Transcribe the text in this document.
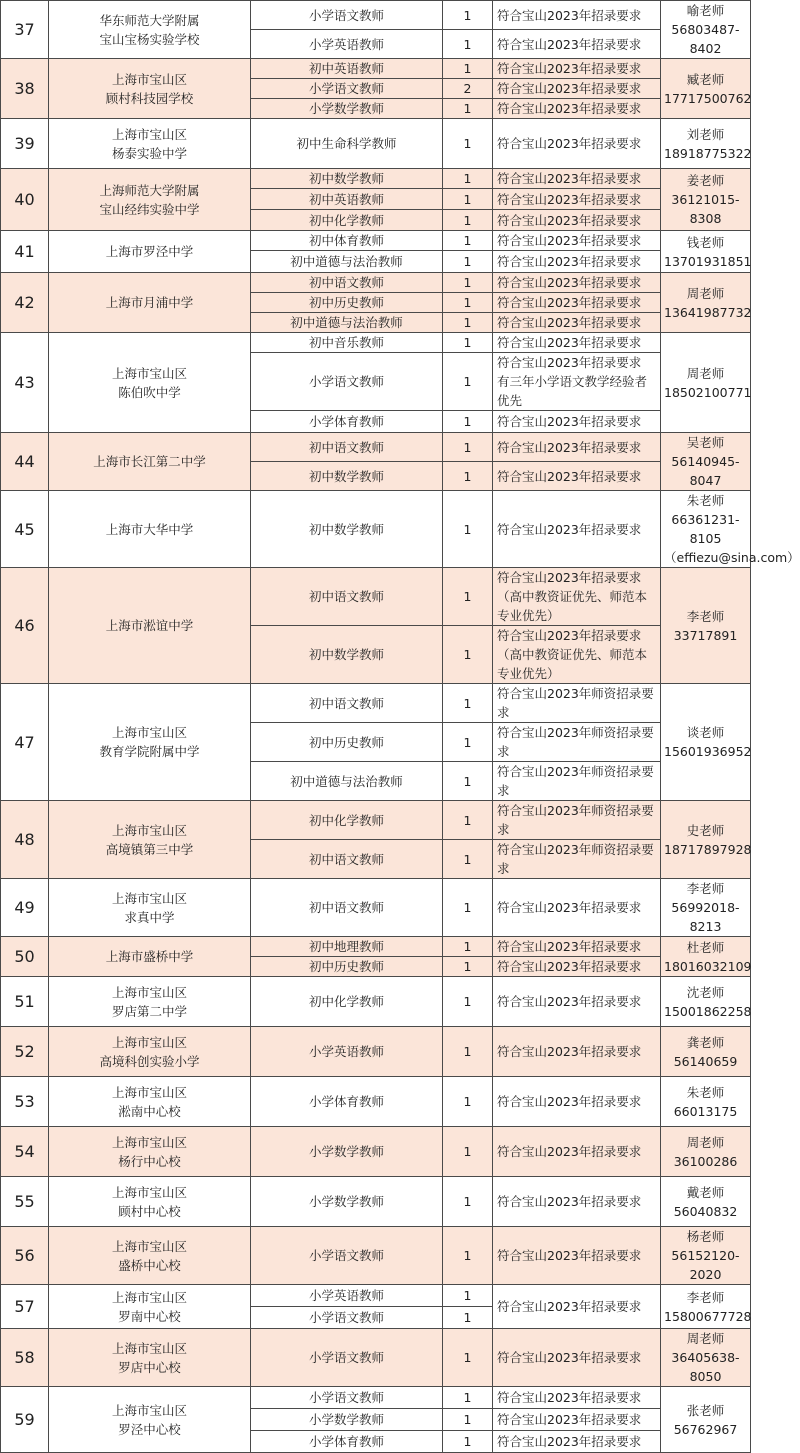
37	华东师范大学附属
宝山宝杨实验学校	小学语文教师	1	符合宝山2023年招录要求	喻老师
56803487-8402
		小学英语教师	1	符合宝山2023年招录要求	
38	上海市宝山区
顾村科技园学校	初中英语教师	1	符合宝山2023年招录要求	臧老师
17717500762
		小学语文教师	2	符合宝山2023年招录要求	
		小学数学教师	1	符合宝山2023年招录要求	
39	上海市宝山区
杨泰实验中学	初中生命科学教师	1	符合宝山2023年招录要求	刘老师
18918775322
40	上海师范大学附属
宝山经纬实验中学	初中数学教师	1	符合宝山2023年招录要求	姜老师
36121015-8308
		初中英语教师	1	符合宝山2023年招录要求	
		初中化学教师	1	符合宝山2023年招录要求	
41	上海市罗泾中学	初中体育教师	1	符合宝山2023年招录要求	钱老师
13701931851
		初中道德与法治教师	1	符合宝山2023年招录要求	
42	上海市月浦中学	初中语文教师	1	符合宝山2023年招录要求	周老师
13641987732
		初中历史教师	1	符合宝山2023年招录要求	
		初中道德与法治教师	1	符合宝山2023年招录要求	
43	上海市宝山区
陈伯吹中学	初中音乐教师	1	符合宝山2023年招录要求	周老师
18502100771
		小学语文教师	1	符合宝山2023年招录要求
有三年小学语文教学经验者
优先	
		小学体育教师	1	符合宝山2023年招录要求	
44	上海市长江第二中学	初中语文教师	1	符合宝山2023年招录要求	吴老师
56140945-8047
		初中数学教师	1	符合宝山2023年招录要求	
45	上海市大华中学	初中数学教师	1	符合宝山2023年招录要求	朱老师
66361231-8105
（effiezu@sina.com）
46	上海市淞谊中学	初中语文教师	1	符合宝山2023年招录要求
（高中教资证优先、师范本
专业优先）	李老师
33717891
		初中数学教师	1	符合宝山2023年招录要求
（高中教资证优先、师范本
专业优先）	
47	上海市宝山区
教育学院附属中学	初中语文教师	1	符合宝山2023年师资招录要
求	谈老师
15601936952
		初中历史教师	1	符合宝山2023年师资招录要
求	
		初中道德与法治教师	1	符合宝山2023年师资招录要
求	
48	上海市宝山区
高境镇第三中学	初中化学教师	1	符合宝山2023年师资招录要
求	史老师
18717897928
		初中语文教师	1	符合宝山2023年师资招录要
求	
49	上海市宝山区
求真中学	初中语文教师	1	符合宝山2023年招录要求	李老师
56992018-8213
50	上海市盛桥中学	初中地理教师	1	符合宝山2023年招录要求	杜老师
18016032109
		初中历史教师	1	符合宝山2023年招录要求	
51	上海市宝山区
罗店第二中学	初中化学教师	1	符合宝山2023年招录要求	沈老师
15001862258
52	上海市宝山区
高境科创实验小学	小学英语教师	1	符合宝山2023年招录要求	龚老师
56140659
53	上海市宝山区
淞南中心校	小学体育教师	1	符合宝山2023年招录要求	朱老师
66013175
54	上海市宝山区
杨行中心校	小学数学教师	1	符合宝山2023年招录要求	周老师
36100286
55	上海市宝山区
顾村中心校	小学数学教师	1	符合宝山2023年招录要求	戴老师
56040832
56	上海市宝山区
盛桥中心校	小学语文教师	1	符合宝山2023年招录要求	杨老师
56152120-2020
57	上海市宝山区
罗南中心校	小学英语教师	1	符合宝山2023年招录要求	李老师
15800677728
		小学语文教师	1		
58	上海市宝山区
罗店中心校	小学语文教师	1	符合宝山2023年招录要求	周老师
36405638-8050
59	上海市宝山区
罗泾中心校	小学语文教师	1	符合宝山2023年招录要求	张老师
56762967
		小学数学教师	1	符合宝山2023年招录要求	
		小学体育教师	1	符合宝山2023年招录要求	
